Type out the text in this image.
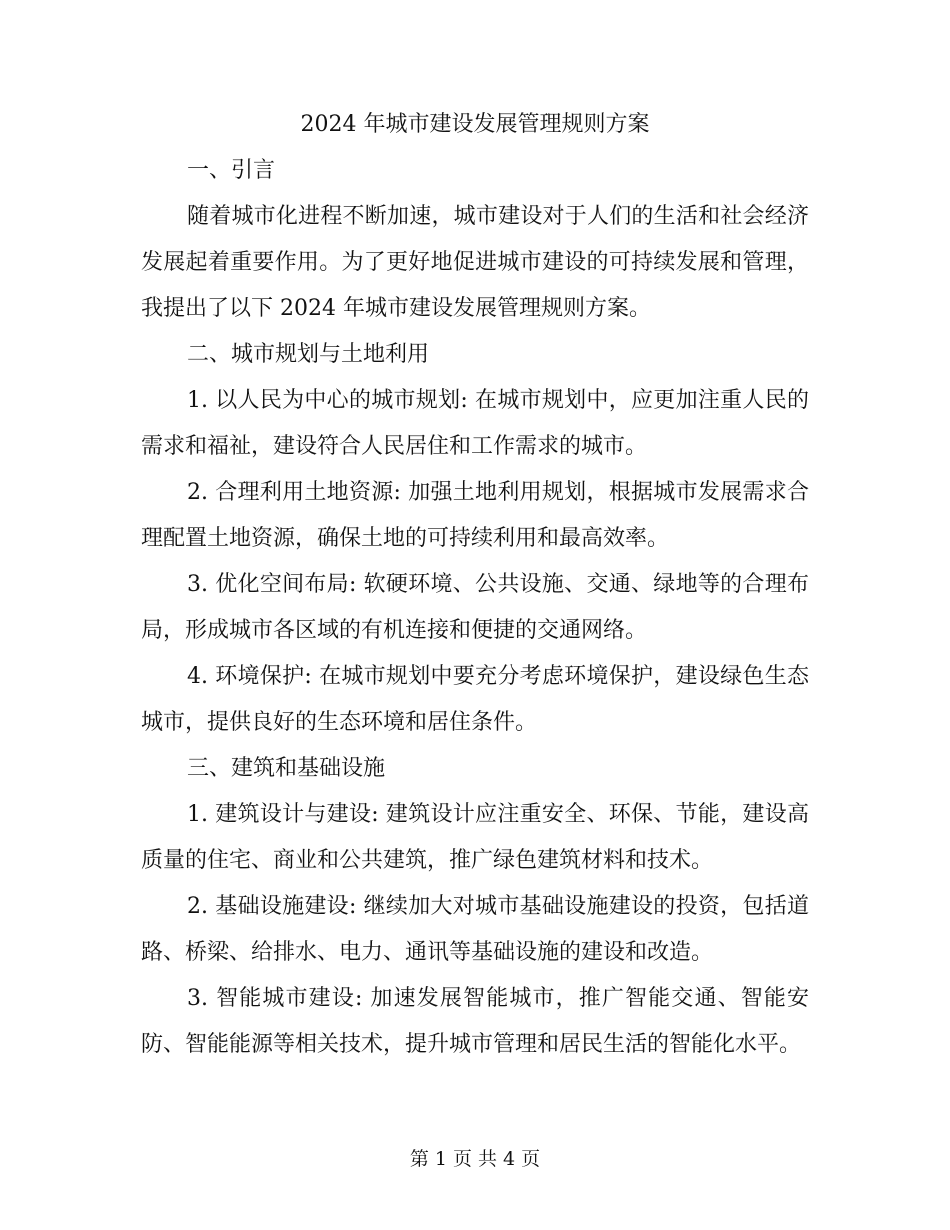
2024 年城市建设发展管理规则方案

一、引言

随着城市化进程不断加速，城市建设对于人们的生活和社会经济发展起着重要作用。为了更好地促进城市建设的可持续发展和管理，我提出了以下 2024 年城市建设发展管理规则方案。

二、城市规划与土地利用

1. 以人民为中心的城市规划: 在城市规划中，应更加注重人民的需求和福祉，建设符合人民居住和工作需求的城市。

2. 合理利用土地资源: 加强土地利用规划，根据城市发展需求合理配置土地资源，确保土地的可持续利用和最高效率。

3. 优化空间布局: 软硬环境、公共设施、交通、绿地等的合理布局，形成城市各区域的有机连接和便捷的交通网络。

4. 环境保护: 在城市规划中要充分考虑环境保护，建设绿色生态城市，提供良好的生态环境和居住条件。

三、建筑和基础设施

1. 建筑设计与建设: 建筑设计应注重安全、环保、节能，建设高质量的住宅、商业和公共建筑，推广绿色建筑材料和技术。

2. 基础设施建设: 继续加大对城市基础设施建设的投资，包括道路、桥梁、给排水、电力、通讯等基础设施的建设和改造。

3. 智能城市建设: 加速发展智能城市，推广智能交通、智能安防、智能能源等相关技术，提升城市管理和居民生活的智能化水平。

第 1 页 共 4 页
